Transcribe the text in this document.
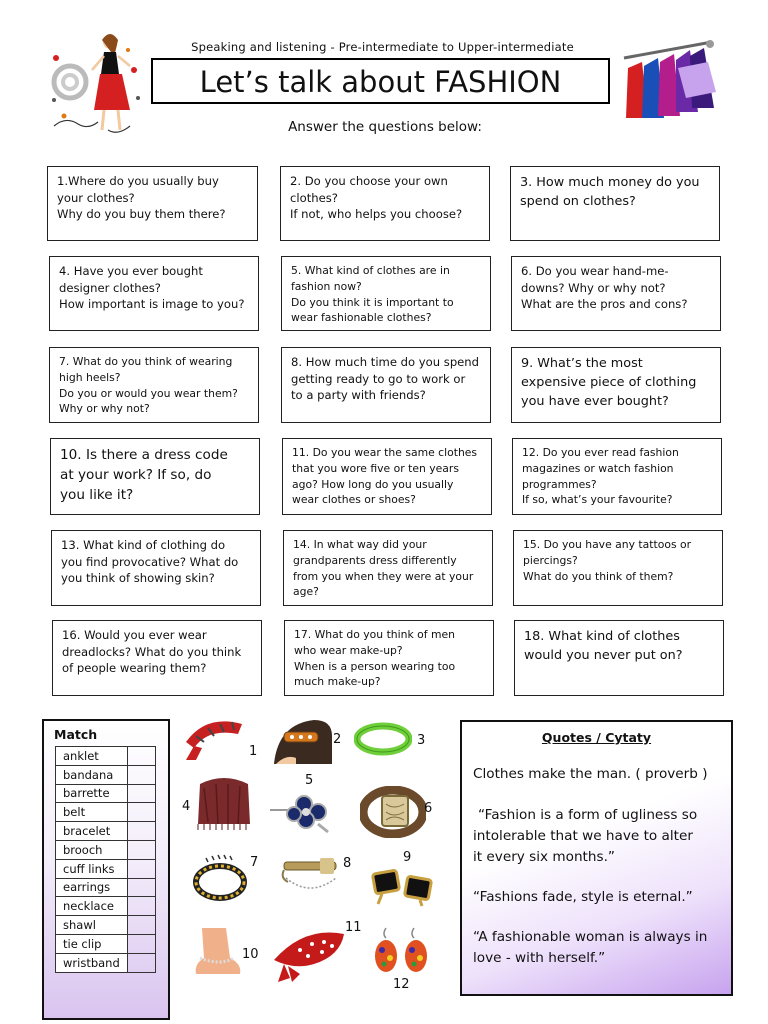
Speaking and listening - Pre-intermediate to Upper-intermediate
Let’s talk about FASHION
Answer the questions below:
1.Where do you usually buy
your clothes?
Why do you buy them there?
2. Do you choose your own
clothes?
If not, who helps you choose?
3. How much money do you
spend on clothes?
4. Have you ever bought
designer clothes?
How important is image to you?
5. What kind of clothes are in
fashion now?
Do you think it is important to
wear fashionable clothes?
6. Do you wear hand-me-
downs? Why or why not?
What are the pros and cons?
7. What do you think of wearing
high heels?
Do you or would you wear them?
Why or why not?
8. How much time do you spend
getting ready to go to work or
to a party with friends?
9. What’s the most
expensive piece of clothing
you have ever bought?
10. Is there a dress code
at your work? If so, do
you like it?
11. Do you wear the same clothes
that you wore five or ten years
ago? How long do you usually
wear clothes or shoes?
12. Do you ever read fashion
magazines or watch fashion
programmes?
If so, what’s your favourite?
13. What kind of clothing do
you find provocative? What do
you think of showing skin?
14. In what way did your
grandparents dress differently
from you when they were at your
age?
15. Do you have any tattoos or
piercings?
What do you think of them?
16. Would you ever wear
dreadlocks? What do you think
of people wearing them?
17. What do you think of men
who wear make-up?
When is a person wearing too
much make-up?
18. What kind of clothes
would you never put on?
Match
anklet	
bandana	
barrette	
belt	
bracelet	
brooch	
cuff links	
earrings	
necklace	
shawl	
tie clip	
wristband	
1
2	3
4
5
6
7	8	9
10
11
12
Quotes / Cytaty
Clothes make the man. ( proverb )
“Fashion is a form of ugliness so
intolerable that we have to alter
it every six months.”
“Fashions fade, style is eternal.”
“A fashionable woman is always in
love - with herself.”
